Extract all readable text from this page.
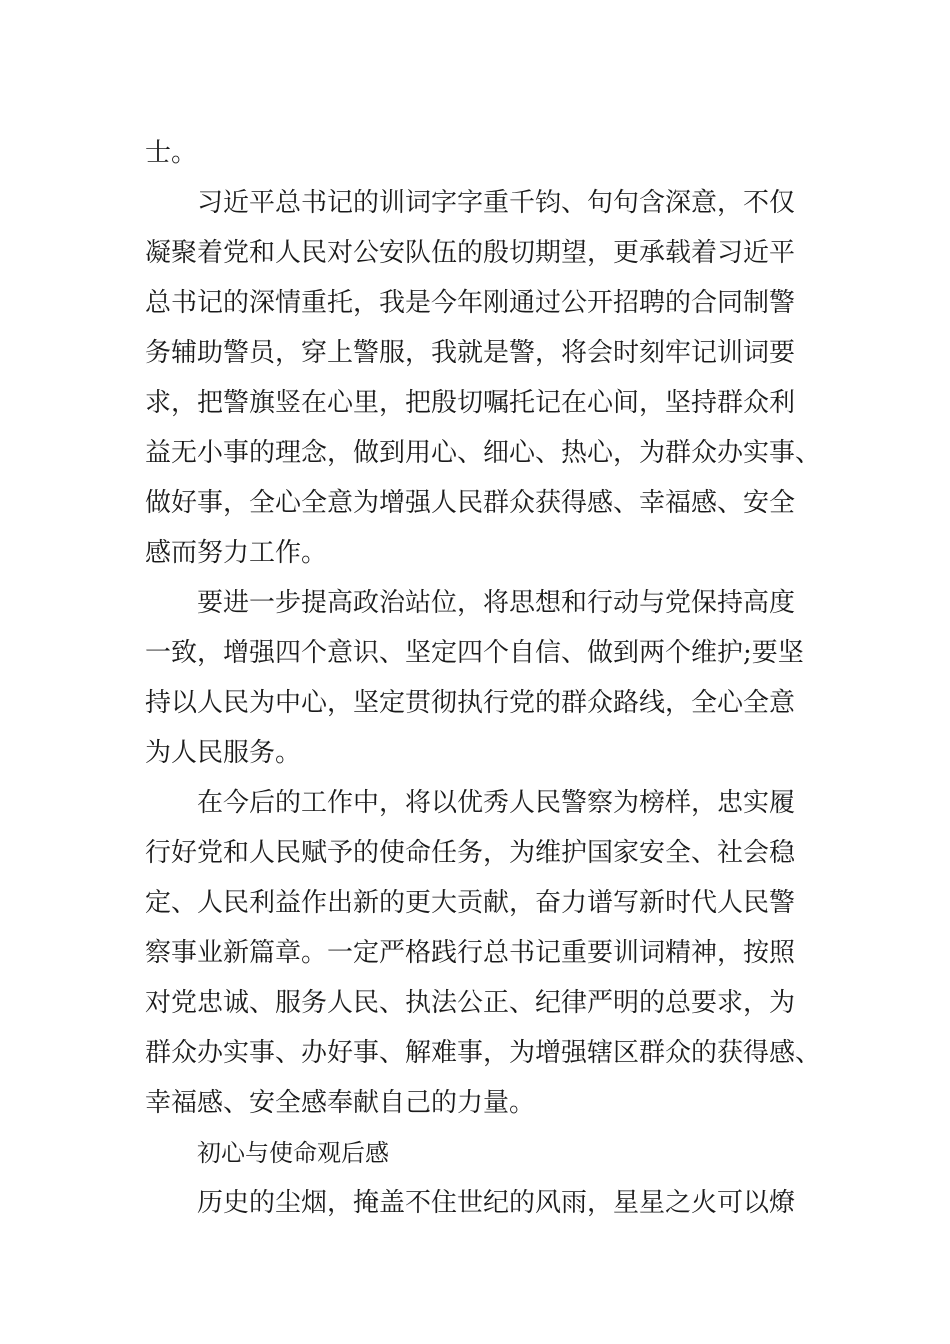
士。
习近平总书记的训词字字重千钧、句句含深意，不仅
凝聚着党和人民对公安队伍的殷切期望，更承载着习近平
总书记的深情重托，我是今年刚通过公开招聘的合同制警
务辅助警员，穿上警服，我就是警，将会时刻牢记训词要
求，把警旗竖在心里，把殷切嘱托记在心间，坚持群众利
益无小事的理念，做到用心、细心、热心，为群众办实事、
做好事，全心全意为增强人民群众获得感、幸福感、安全
感而努力工作。
要进一步提高政治站位，将思想和行动与党保持高度
一致，增强四个意识、坚定四个自信、做到两个维护;要坚
持以人民为中心，坚定贯彻执行党的群众路线，全心全意
为人民服务。
在今后的工作中，将以优秀人民警察为榜样，忠实履
行好党和人民赋予的使命任务，为维护国家安全、社会稳
定、人民利益作出新的更大贡献，奋力谱写新时代人民警
察事业新篇章。一定严格践行总书记重要训词精神，按照
对党忠诚、服务人民、执法公正、纪律严明的总要求，为
群众办实事、办好事、解难事，为增强辖区群众的获得感、
幸福感、安全感奉献自己的力量。
初心与使命观后感
历史的尘烟，掩盖不住世纪的风雨，星星之火可以燎
